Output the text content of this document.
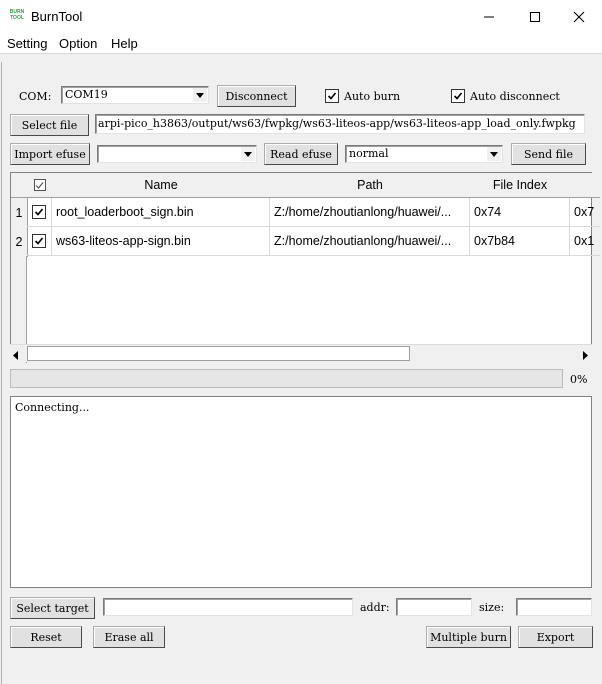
BURN
TOOL BurnTool
Setting Option Help
COM:	COM19	Disconnect	Auto burn	Auto disconnect
Select file	arpi-pico_h3863/output/ws63/fwpkg/ws63-liteos-app/ws63-liteos-app_load_only.fwpkg
Import efuse	Read efuse	normal	Send file
Name	Path	File Index
1	root_loaderboot_sign.bin	Z:/home/zhoutianlong/huawei/...	0x74	0x7
2	ws63-liteos-app-sign.bin	Z:/home/zhoutianlong/huawei/...	0x7b84	0x1
0%
Connecting...
Select target	addr:	size:
Reset	Erase all	Multiple burn	Export
